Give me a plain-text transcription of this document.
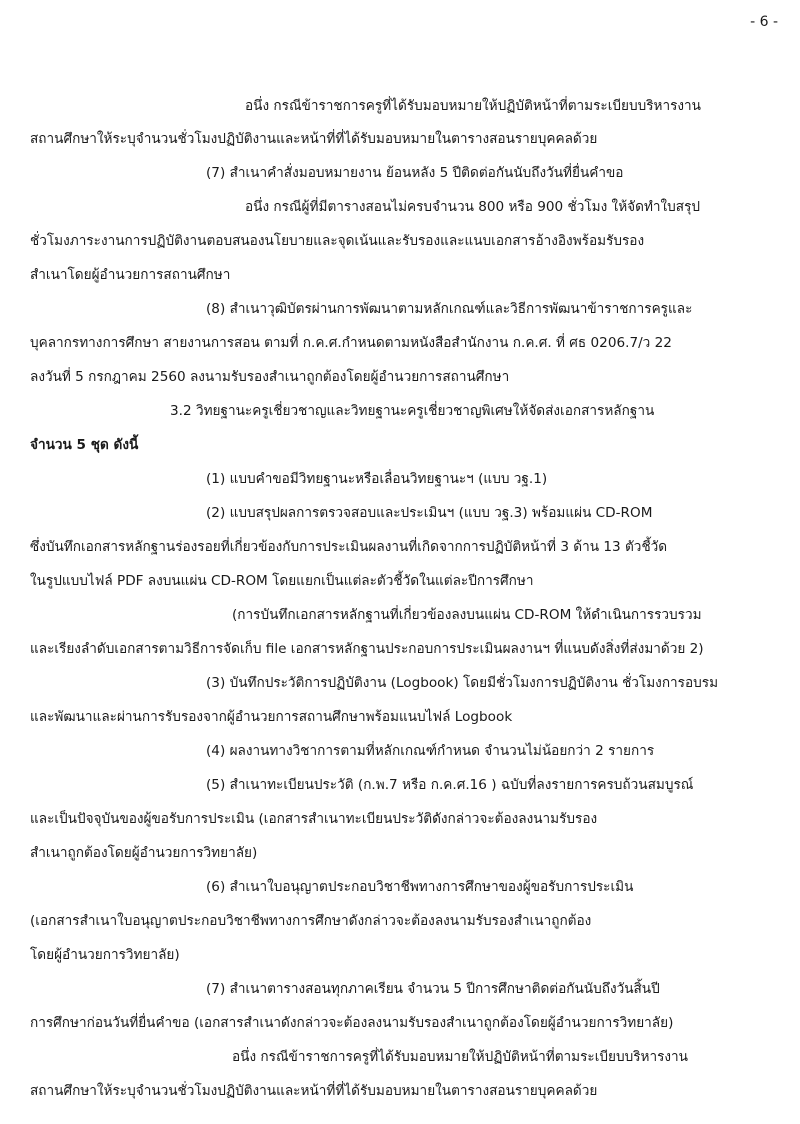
- 6 -
อนึ่ง กรณีข้าราชการครูที่ได้รับมอบหมายให้ปฏิบัติหน้าที่ตามระเบียบบริหารงาน
สถานศึกษาให้ระบุจำนวนชั่วโมงปฏิบัติงานและหน้าที่ที่ได้รับมอบหมายในตารางสอนรายบุคคลด้วย
(7) สำเนาคำสั่งมอบหมายงาน ย้อนหลัง 5 ปีติดต่อกันนับถึงวันที่ยื่นคำขอ
อนึ่ง กรณีผู้ที่มีตารางสอนไม่ครบจำนวน 800 หรือ 900 ชั่วโมง ให้จัดทำใบสรุป
ชั่วโมงภาระงานการปฏิบัติงานตอบสนองนโยบายและจุดเน้นและรับรองและแนบเอกสารอ้างอิงพร้อมรับรอง
สำเนาโดยผู้อำนวยการสถานศึกษา
(8) สำเนาวุฒิบัตรผ่านการพัฒนาตามหลักเกณฑ์และวิธีการพัฒนาข้าราชการครูและ
บุคลากรทางการศึกษา สายงานการสอน ตามที่ ก.ค.ศ.กำหนดตามหนังสือสำนักงาน ก.ค.ศ. ที่ ศธ 0206.7/ว 22
ลงวันที่ 5 กรกฎาคม 2560 ลงนามรับรองสำเนาถูกต้องโดยผู้อำนวยการสถานศึกษา
3.2 วิทยฐานะครูเชี่ยวชาญและวิทยฐานะครูเชี่ยวชาญพิเศษให้จัดส่งเอกสารหลักฐาน
จำนวน 5 ชุด ดังนี้
(1) แบบคำขอมีวิทยฐานะหรือเลื่อนวิทยฐานะฯ (แบบ วฐ.1)
(2) แบบสรุปผลการตรวจสอบและประเมินฯ (แบบ วฐ.3) พร้อมแผ่น CD-ROM
ซึ่งบันทึกเอกสารหลักฐานร่องรอยที่เกี่ยวข้องกับการประเมินผลงานที่เกิดจากการปฏิบัติหน้าที่ 3 ด้าน 13 ตัวชี้วัด
ในรูปแบบไฟล์ PDF ลงบนแผ่น CD-ROM โดยแยกเป็นแต่ละตัวชี้วัดในแต่ละปีการศึกษา
(การบันทึกเอกสารหลักฐานที่เกี่ยวข้องลงบนแผ่น CD-ROM ให้ดำเนินการรวบรวม
และเรียงลำดับเอกสารตามวิธีการจัดเก็บ file เอกสารหลักฐานประกอบการประเมินผลงานฯ ที่แนบดังสิ่งที่ส่งมาด้วย 2)
(3) บันทึกประวัติการปฏิบัติงาน (Logbook) โดยมีชั่วโมงการปฏิบัติงาน ชั่วโมงการอบรม
และพัฒนาและผ่านการรับรองจากผู้อำนวยการสถานศึกษาพร้อมแนบไฟล์ Logbook
(4) ผลงานทางวิชาการตามที่หลักเกณฑ์กำหนด จำนวนไม่น้อยกว่า 2 รายการ
(5) สำเนาทะเบียนประวัติ (ก.พ.7 หรือ ก.ค.ศ.16 ) ฉบับที่ลงรายการครบถ้วนสมบูรณ์
และเป็นปัจจุบันของผู้ขอรับการประเมิน (เอกสารสำเนาทะเบียนประวัติดังกล่าวจะต้องลงนามรับรอง
สำเนาถูกต้องโดยผู้อำนวยการวิทยาลัย)
(6) สำเนาใบอนุญาตประกอบวิชาชีพทางการศึกษาของผู้ขอรับการประเมิน
(เอกสารสำเนาใบอนุญาตประกอบวิชาชีพทางการศึกษาดังกล่าวจะต้องลงนามรับรองสำเนาถูกต้อง
โดยผู้อำนวยการวิทยาลัย)
(7) สำเนาตารางสอนทุกภาคเรียน จำนวน 5 ปีการศึกษาติดต่อกันนับถึงวันสิ้นปี
การศึกษาก่อนวันที่ยื่นคำขอ (เอกสารสำเนาดังกล่าวจะต้องลงนามรับรองสำเนาถูกต้องโดยผู้อำนวยการวิทยาลัย)
อนึ่ง กรณีข้าราชการครูที่ได้รับมอบหมายให้ปฏิบัติหน้าที่ตามระเบียบบริหารงาน
สถานศึกษาให้ระบุจำนวนชั่วโมงปฏิบัติงานและหน้าที่ที่ได้รับมอบหมายในตารางสอนรายบุคคลด้วย
